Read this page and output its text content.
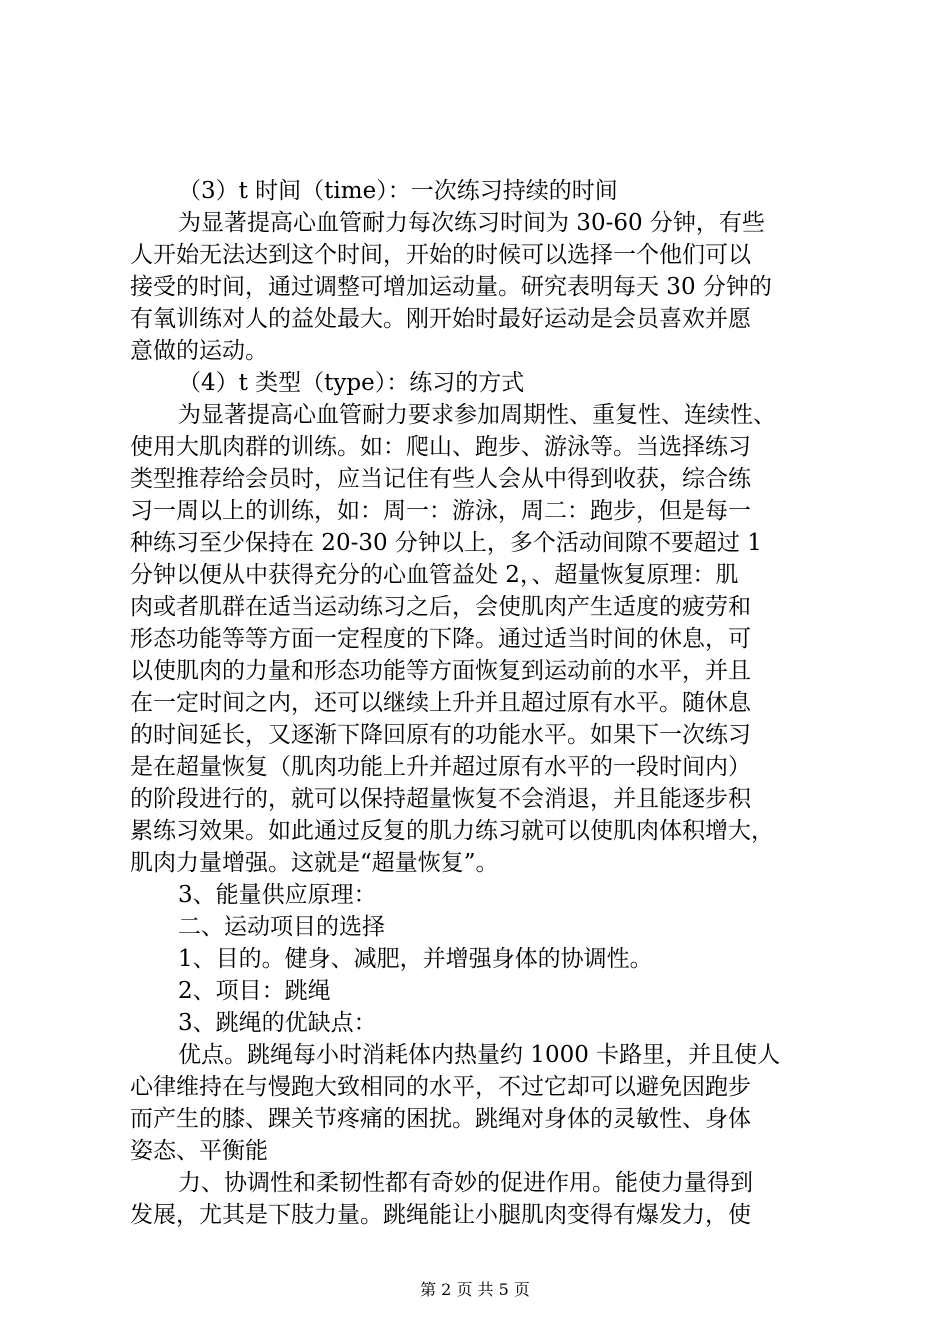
（3）t 时间（time）：一次练习持续的时间
为显著提高心血管耐力每次练习时间为 30-60 分钟，有些
人开始无法达到这个时间，开始的时候可以选择一个他们可以
接受的时间，通过调整可增加运动量。研究表明每天 30 分钟的
有氧训练对人的益处最大。刚开始时最好运动是会员喜欢并愿
意做的运动。
（4）t 类型（type）：练习的方式
为显著提高心血管耐力要求参加周期性、重复性、连续性、
使用大肌肉群的训练。如：爬山、跑步、游泳等。当选择练习
类型推荐给会员时，应当记住有些人会从中得到收获，综合练
习一周以上的训练，如：周一：游泳，周二：跑步，但是每一
种练习至少保持在 20-30 分钟以上，多个活动间隙不要超过 1
分钟以便从中获得充分的心血管益处 2，、超量恢复原理：肌
肉或者肌群在适当运动练习之后，会使肌肉产生适度的疲劳和
形态功能等等方面一定程度的下降。通过适当时间的休息，可
以使肌肉的力量和形态功能等方面恢复到运动前的水平，并且
在一定时间之内，还可以继续上升并且超过原有水平。随休息
的时间延长，又逐渐下降回原有的功能水平。如果下一次练习
是在超量恢复（肌肉功能上升并超过原有水平的一段时间内）
的阶段进行的，就可以保持超量恢复不会消退，并且能逐步积
累练习效果。如此通过反复的肌力练习就可以使肌肉体积增大，
肌肉力量增强。这就是“超量恢复”。
3、能量供应原理：
二、运动项目的选择
1、目的。健身、减肥，并增强身体的协调性。
2、项目：跳绳
3、跳绳的优缺点：
优点。跳绳每小时消耗体内热量约 1000 卡路里，并且使人
心律维持在与慢跑大致相同的水平，不过它却可以避免因跑步
而产生的膝、踝关节疼痛的困扰。跳绳对身体的灵敏性、身体
姿态、平衡能
力、协调性和柔韧性都有奇妙的促进作用。能使力量得到
发展，尤其是下肢力量。跳绳能让小腿肌肉变得有爆发力，使
第 2 页 共 5 页
